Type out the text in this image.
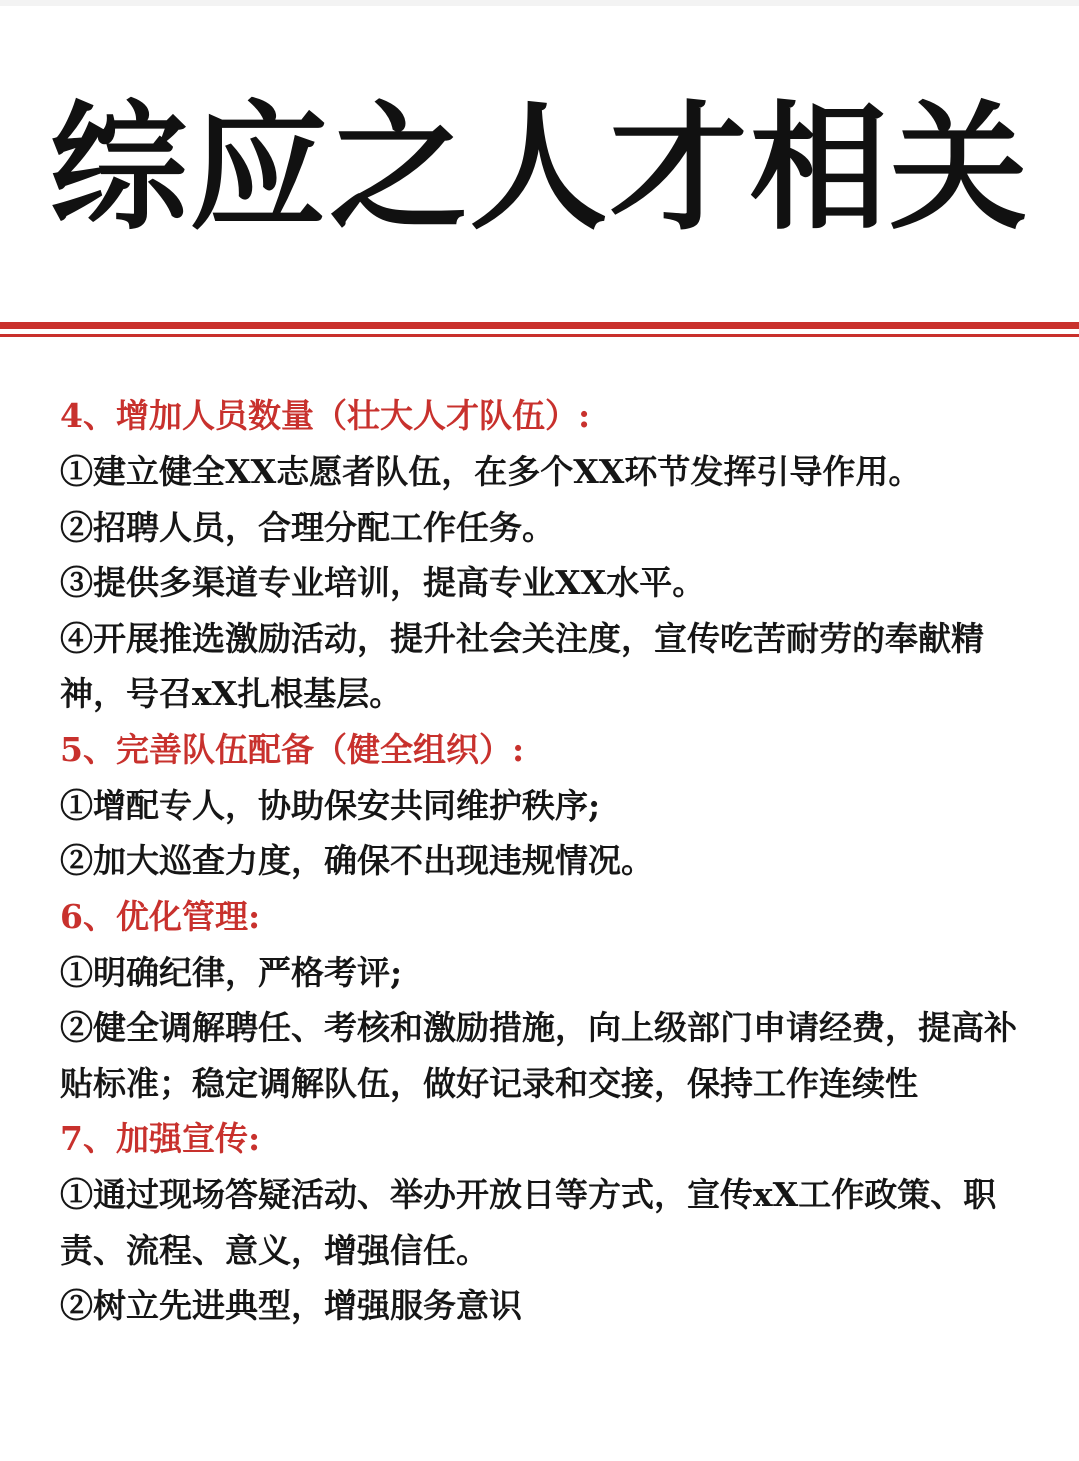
综应之人才相关
4、增加人员数量（壮大人才队伍）:

①建立健全XX志愿者队伍，在多个XX环节发挥引导作用。

②招聘人员，合理分配工作任务。

③提供多渠道专业培训，提高专业XX水平。

④开展推选激励活动，提升社会关注度，宣传吃苦耐劳的奉献精神，号召xX扎根基层。

5、完善队伍配备（健全组织）:

①增配专人，协助保安共同维护秩序;

②加大巡查力度，确保不出现违规情况。

6、优化管理:

①明确纪律，严格考评;

②健全调解聘任、考核和激励措施，向上级部门申请经费，提高补贴标准；稳定调解队伍，做好记录和交接，保持工作连续性

7、加强宣传:

①通过现场答疑活动、举办开放日等方式，宣传xX工作政策、职责、流程、意义，增强信任。

②树立先进典型，增强服务意识
